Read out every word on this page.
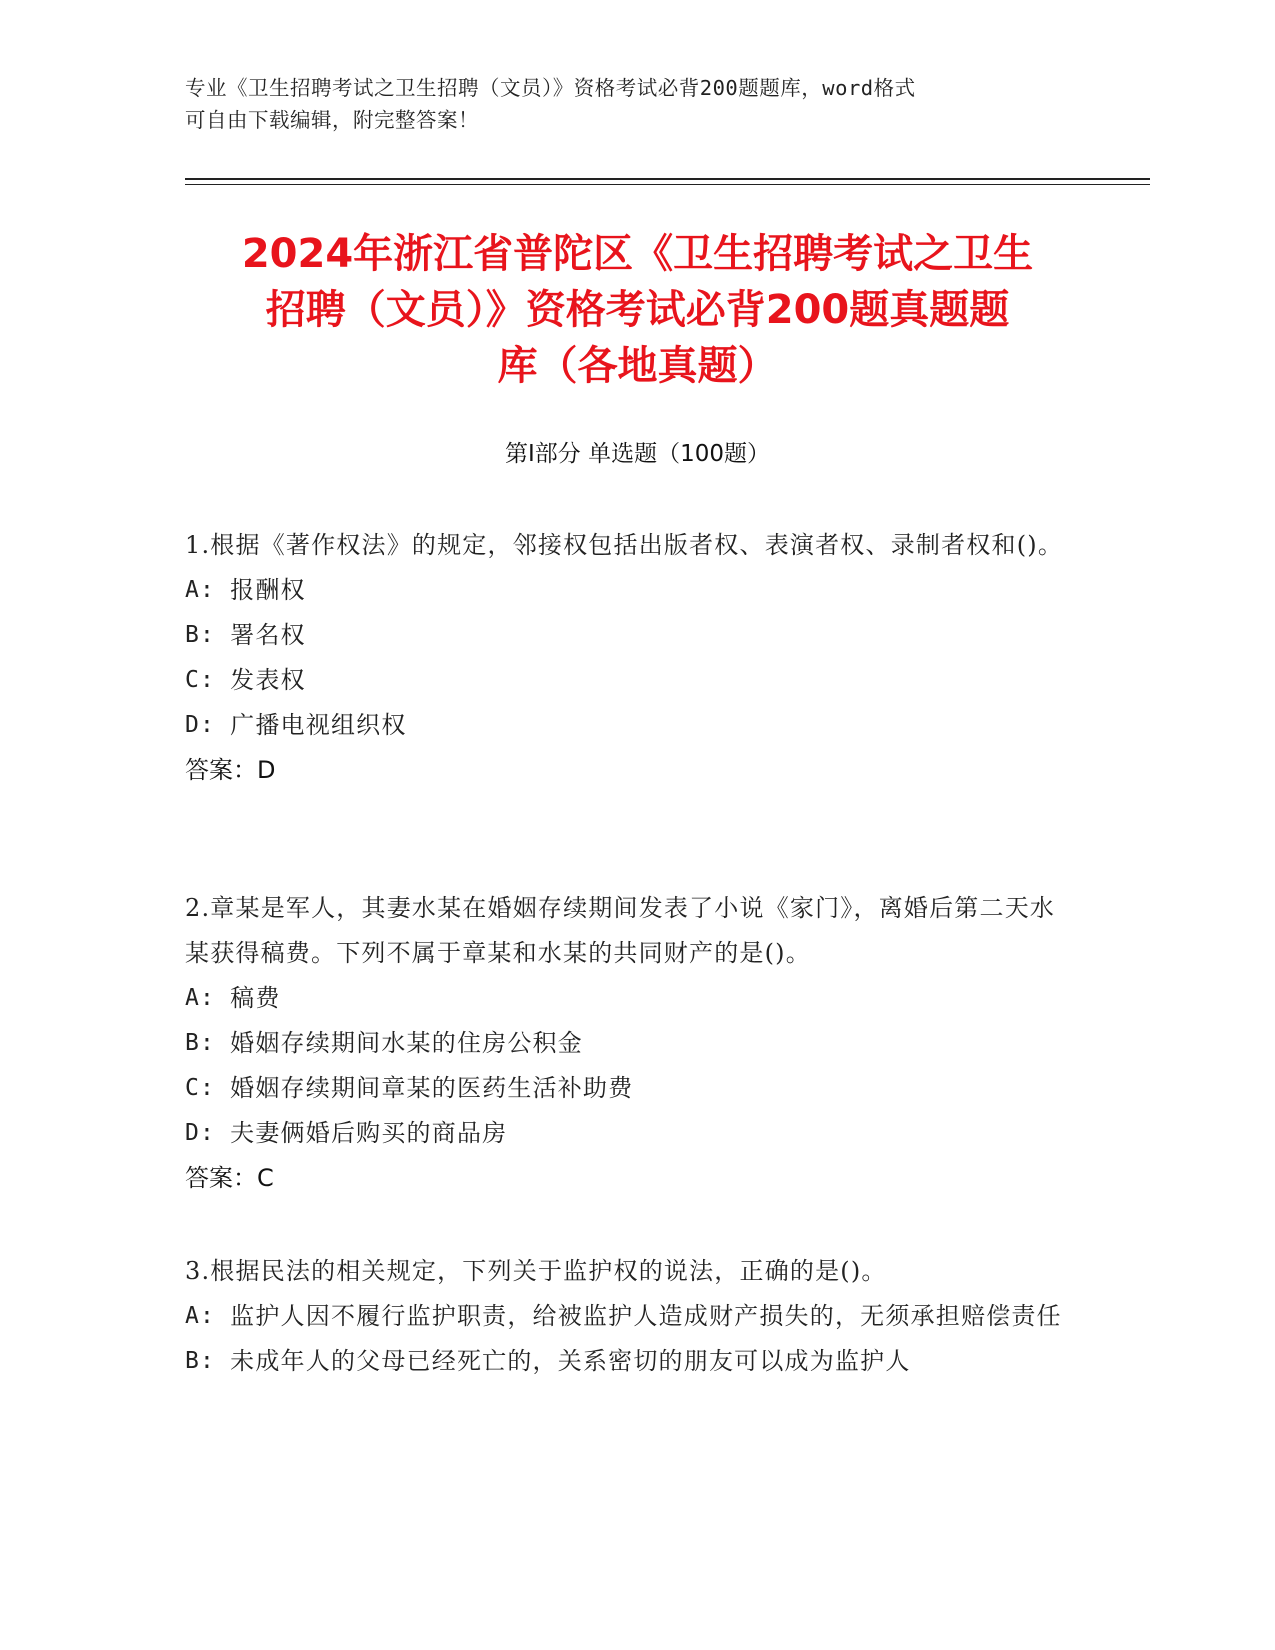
专业《卫生招聘考试之卫生招聘（文员）》资格考试必背200题题库，word格式
可自由下载编辑，附完整答案！
2024年浙江省普陀区《卫生招聘考试之卫生
招聘（文员）》资格考试必背200题真题题
库（各地真题）
第Ⅰ部分 单选题（100题）
1.根据《著作权法》的规定，邻接权包括出版者权、表演者权、录制者权和()。
A: 报酬权
B: 署名权
C: 发表权
D: 广播电视组织权
答案：D
2.章某是军人，其妻水某在婚姻存续期间发表了小说《家门》，离婚后第二天水某获得稿费。下列不属于章某和水某的共同财产的是()。
A: 稿费
B: 婚姻存续期间水某的住房公积金
C: 婚姻存续期间章某的医药生活补助费
D: 夫妻俩婚后购买的商品房
答案：C
3.根据民法的相关规定，下列关于监护权的说法，正确的是()。
A: 监护人因不履行监护职责，给被监护人造成财产损失的，无须承担赔偿责任
B: 未成年人的父母已经死亡的，关系密切的朋友可以成为监护人
